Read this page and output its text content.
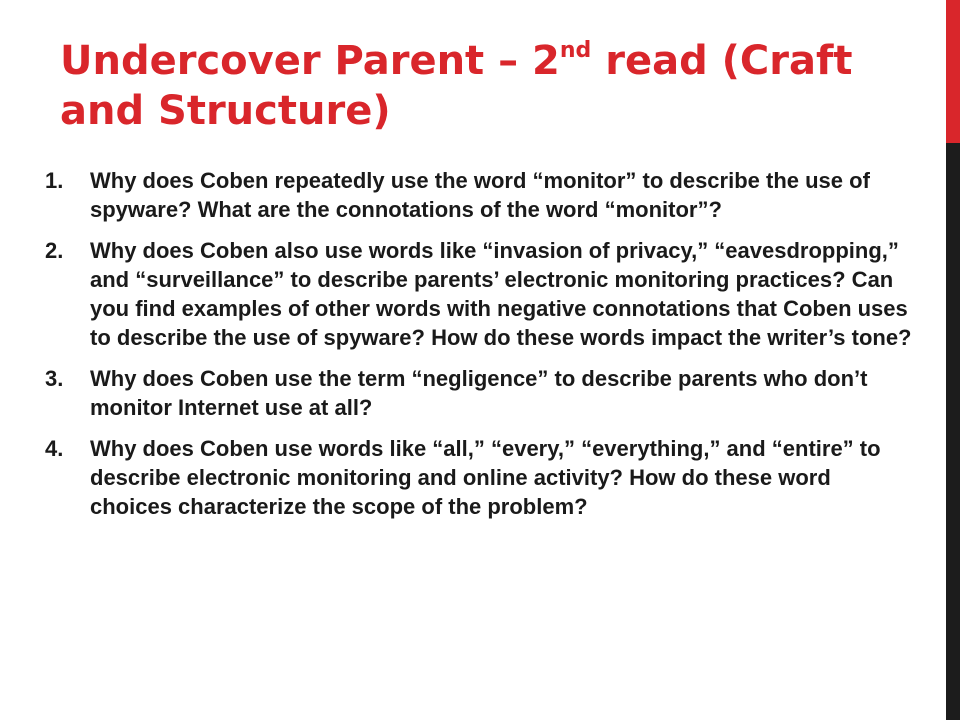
Undercover Parent – 2nd read (Craft and Structure)
1.	Why does Coben repeatedly use the word “monitor” to describe the use of spyware? What are the connotations of the word “monitor”?
2.	Why does Coben also use words like “invasion of privacy,” “eavesdropping,” and “surveillance” to describe parents’ electronic monitoring practices? Can you find examples of other words with negative connotations that Coben uses to describe the use of spyware? How do these words impact the writer’s tone?
3.	Why does Coben use the term “negligence” to describe parents who don’t monitor Internet use at all?
4.	Why does Coben use words like “all,” “every,” “everything,” and “entire” to describe electronic monitoring and online activity? How do these word choices characterize the scope of the problem?
